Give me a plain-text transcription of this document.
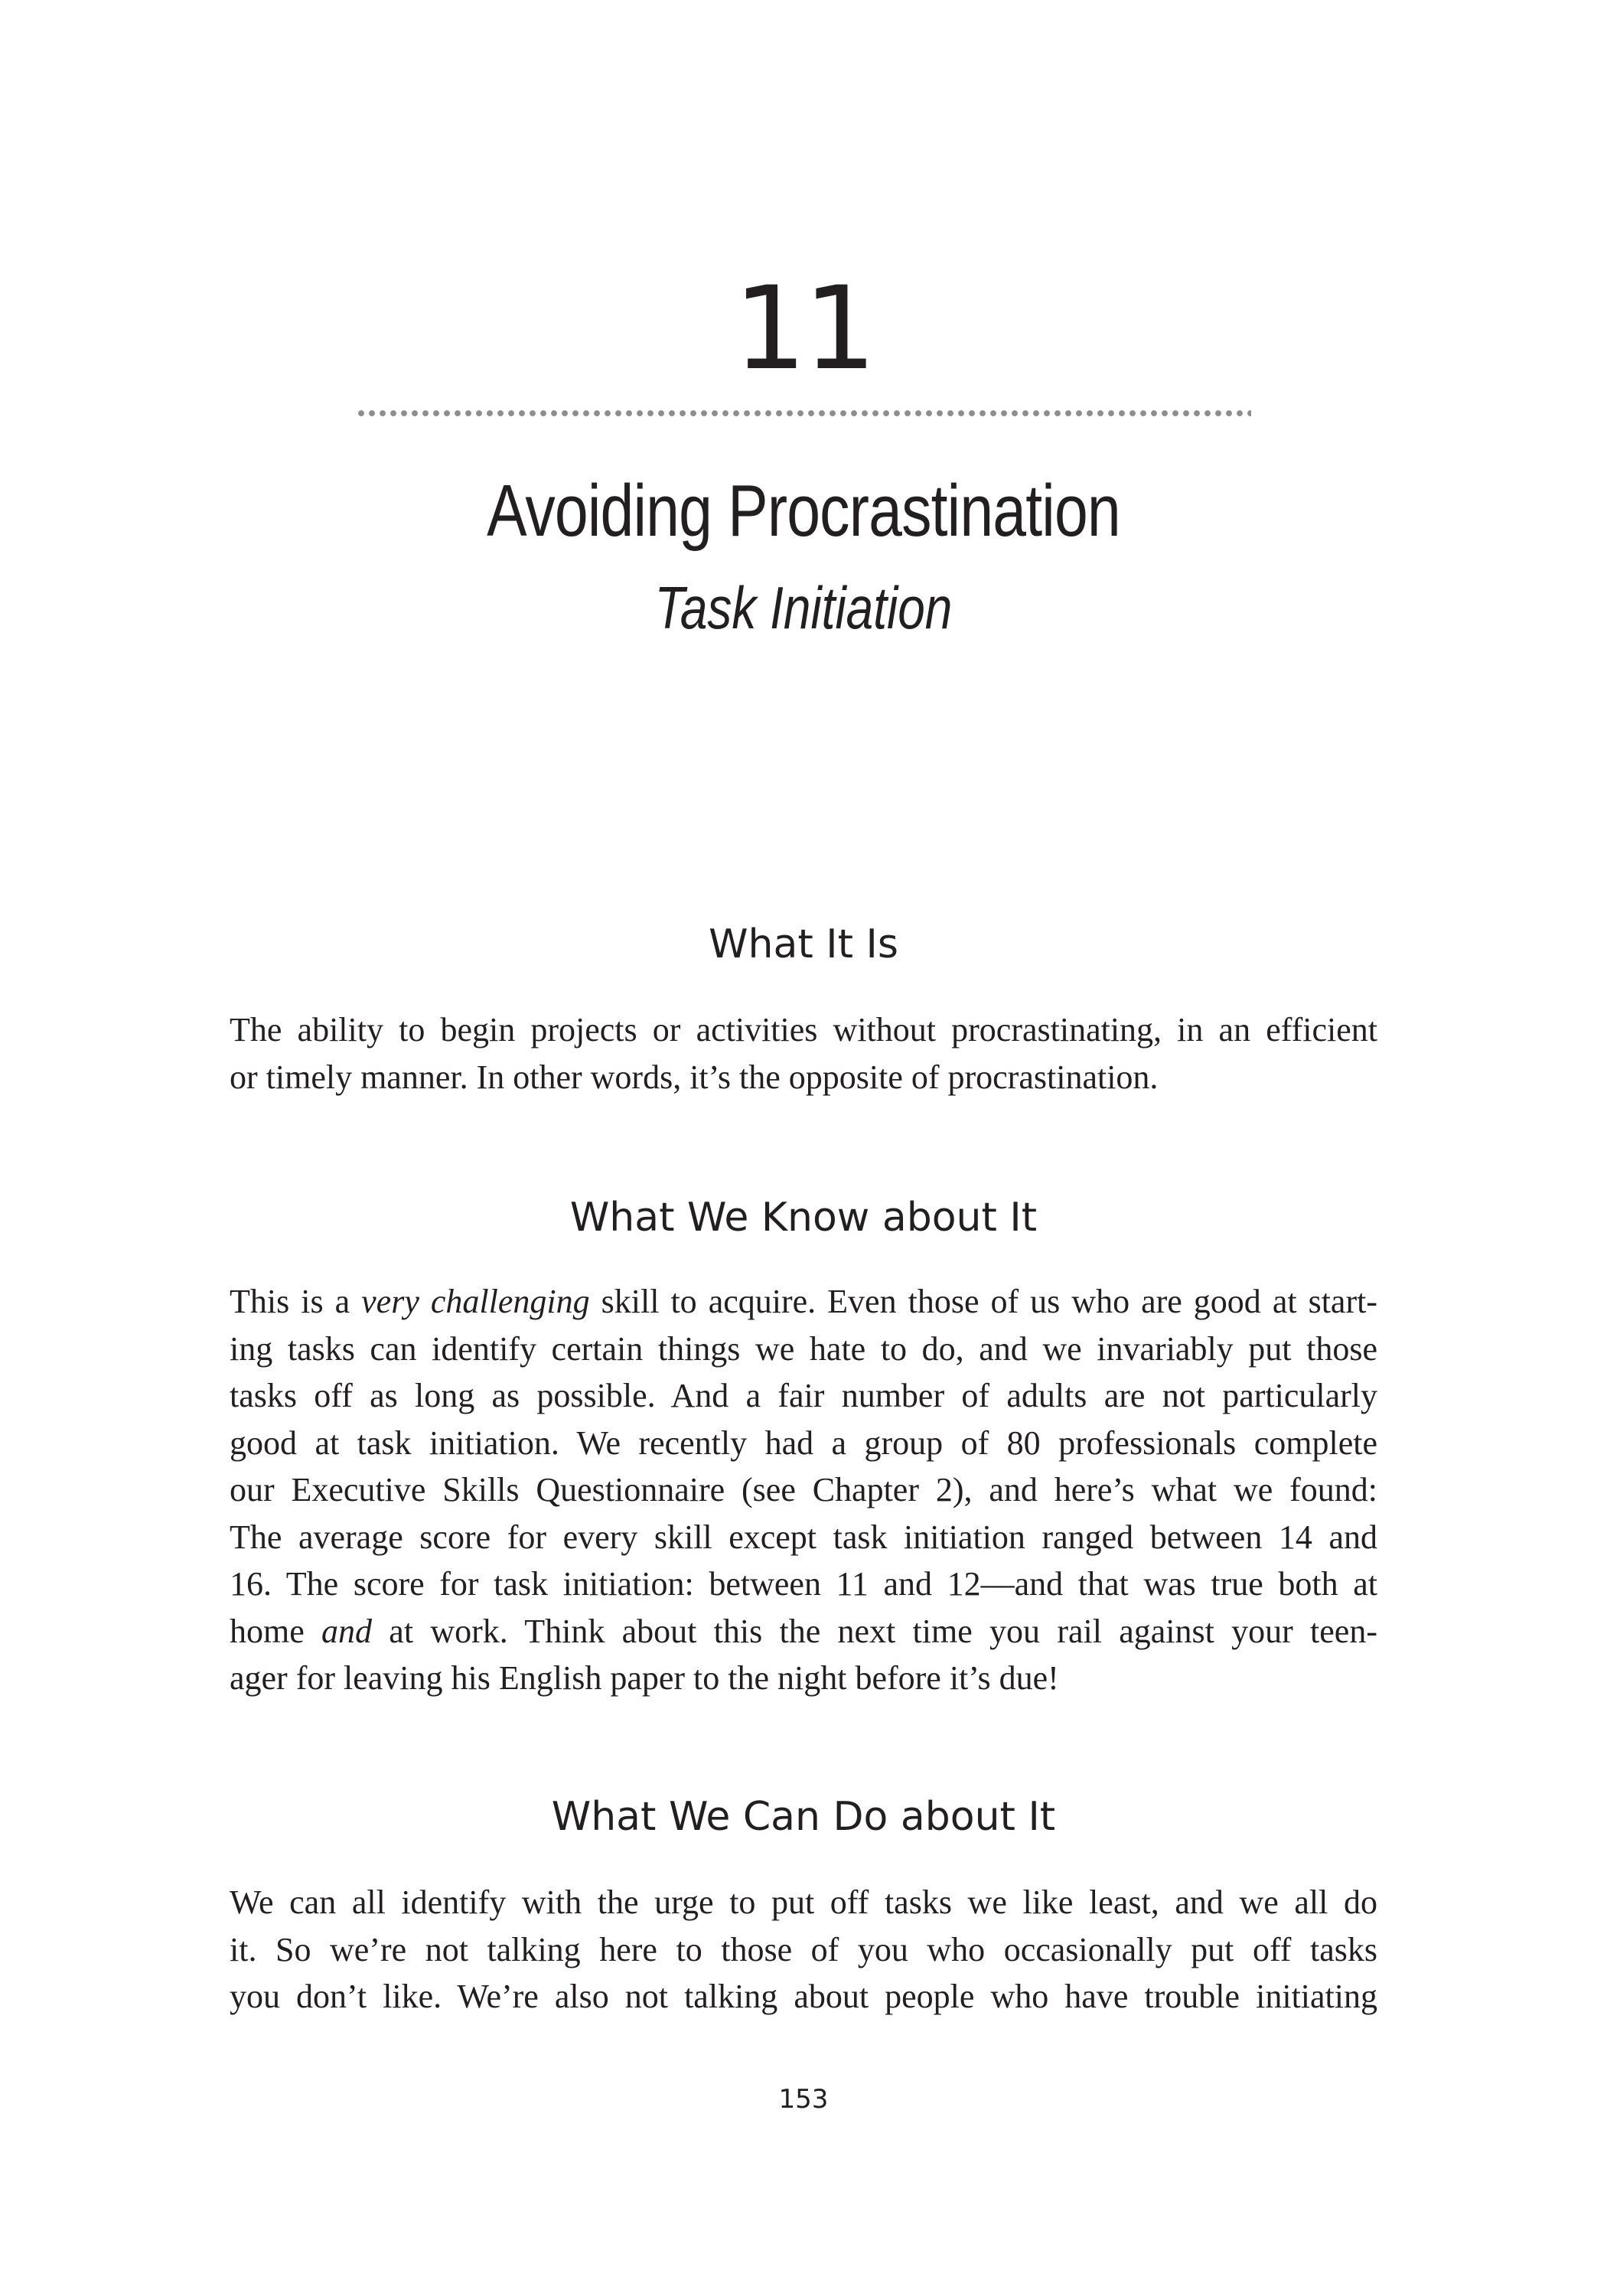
11
Avoiding Procrastination
Task Initiation
What It Is
The ability to begin projects or activities without procrastinating, in an efficient
or timely manner. In other words, it’s the opposite of procrastination.
What We Know about It
This is a very challenging skill to acquire. Even those of us who are good at start-
ing tasks can identify certain things we hate to do, and we invariably put those
tasks off as long as possible. And a fair number of adults are not particularly
good at task initiation. We recently had a group of 80 professionals complete
our Executive Skills Questionnaire (see Chapter 2), and here’s what we found:
The average score for every skill except task initiation ranged between 14 and
16. The score for task initiation: between 11 and 12—and that was true both at
home and at work. Think about this the next time you rail against your teen-
ager for leaving his English paper to the night before it’s due!
What We Can Do about It
We can all identify with the urge to put off tasks we like least, and we all do
it. So we’re not talking here to those of you who occasionally put off tasks
you don’t like. We’re also not talking about people who have trouble initiating
153
